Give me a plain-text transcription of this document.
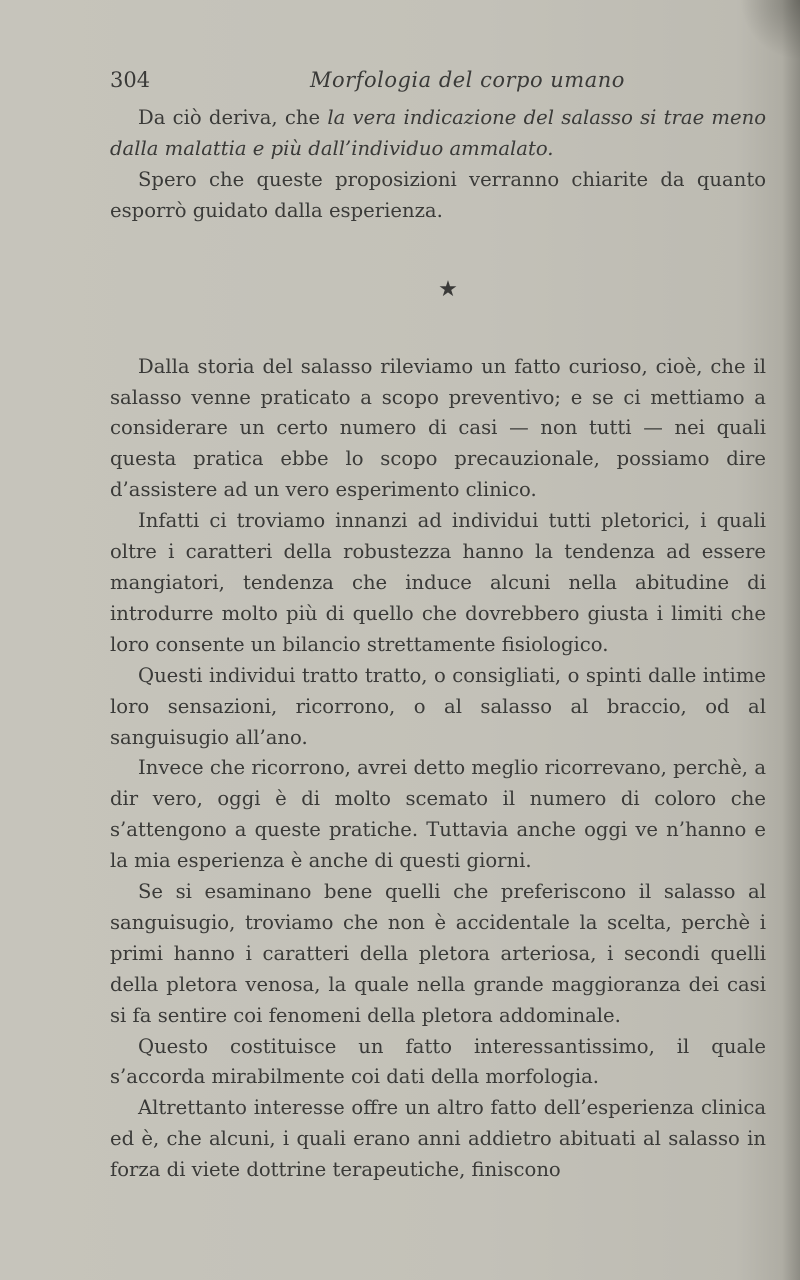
304	Morfologia del corpo umano

Da ciò deriva, che la vera indicazione del salasso si trae meno dalla malattia e più dall’individuo ammalato.

Spero che queste proposizioni verranno chiarite da quanto esporrò guidato dalla esperienza.

★

Dalla storia del salasso rileviamo un fatto curioso, cioè, che il salasso venne praticato a scopo preventivo; e se ci mettiamo a considerare un certo numero di casi — non tutti — nei quali questa pratica ebbe lo scopo precauzionale, possiamo dire d’assistere ad un vero esperimento clinico.

Infatti ci troviamo innanzi ad individui tutti pletorici, i quali oltre i caratteri della robustezza hanno la tendenza ad essere mangiatori, tendenza che induce alcuni nella abitudine di introdurre molto più di quello che dovrebbero giusta i limiti che loro consente un bilancio strettamente fisiologico.

Questi individui tratto tratto, o consigliati, o spinti dalle intime loro sensazioni, ricorrono, o al salasso al braccio, od al sanguisugio all’ano.

Invece che ricorrono, avrei detto meglio ricorrevano, perchè, a dir vero, oggi è di molto scemato il numero di coloro che s’attengono a queste pratiche. Tuttavia anche oggi ve n’hanno e la mia esperienza è anche di questi giorni.

Se si esaminano bene quelli che preferiscono il salasso al sanguisugio, troviamo che non è accidentale la scelta, perchè i primi hanno i caratteri della pletora arteriosa, i secondi quelli della pletora venosa, la quale nella grande maggioranza dei casi si fa sentire coi fenomeni della pletora addominale.

Questo costituisce un fatto interessantissimo, il quale s’accorda mirabilmente coi dati della morfologia.

Altrettanto interesse offre un altro fatto dell’esperienza clinica ed è, che alcuni, i quali erano anni addietro abituati al salasso in forza di viete dottrine terapeutiche, finiscono
